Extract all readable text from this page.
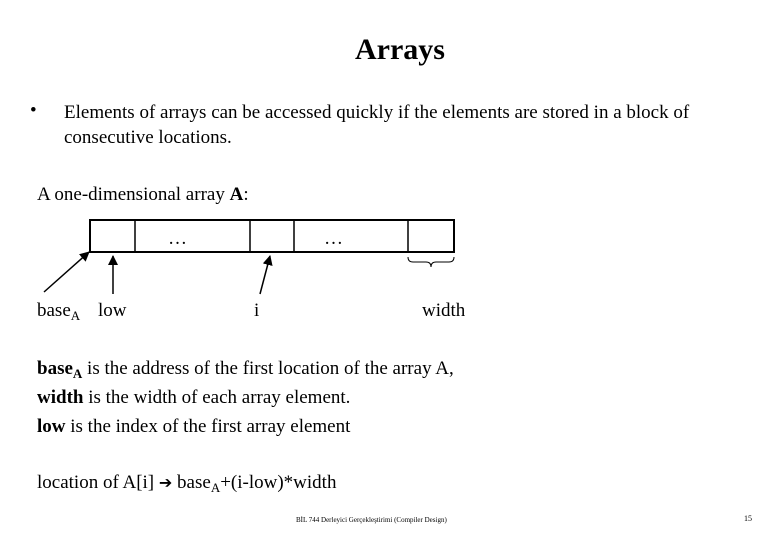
Arrays
• Elements of arrays can be accessed quickly if the elements are stored in a block of consecutive locations.
A one-dimensional array A:
…	…
base$_A$ low	i	width
base$_A$ is the address of the first location of the array A,
width is the width of each array element.
low is the index of the first array element
location of A[i] ➔ base$_A$+(i-low)*width
BİL 744 Derleyici Gerçekleştirimi (Compiler Design)	15
